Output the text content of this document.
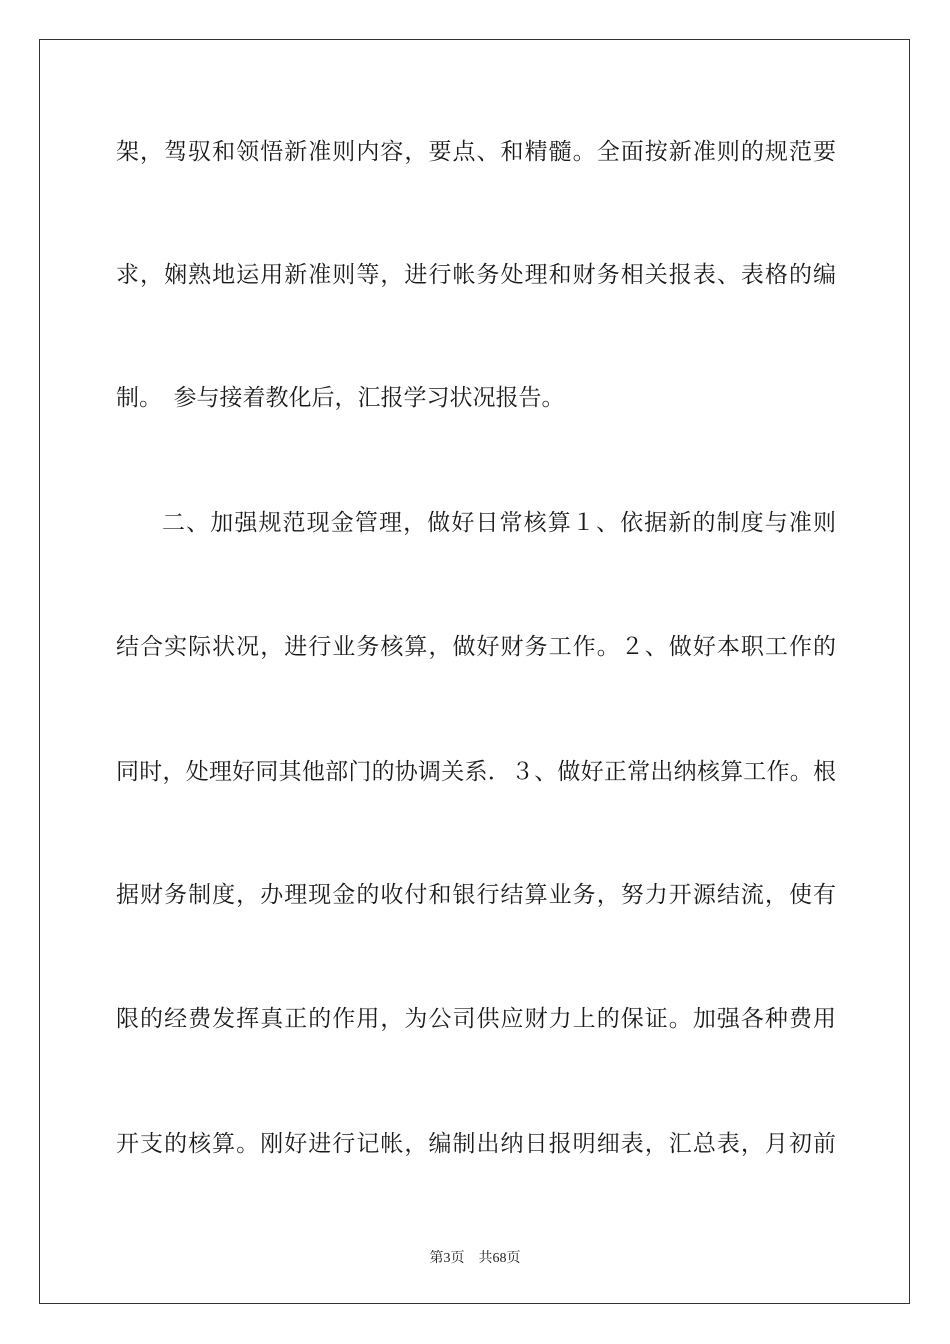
架，驾驭和领悟新准则内容，要点、和精髓。全面按新准则的规范要
求，娴熟地运用新准则等，进行帐务处理和财务相关报表、表格的编
制。　参与接着教化后，汇报学习状况报告。
二、加强规范现金管理，做好日常核算１、依据新的制度与准则
结合实际状况，进行业务核算，做好财务工作。２、做好本职工作的
同时，处理好同其他部门的协调关系．３、做好正常出纳核算工作。根
据财务制度，办理现金的收付和银行结算业务，努力开源结流，使有
限的经费发挥真正的作用，为公司供应财力上的保证。加强各种费用
开支的核算。刚好进行记帐，编制出纳日报明细表，汇总表，月初前
第3页 共68页
